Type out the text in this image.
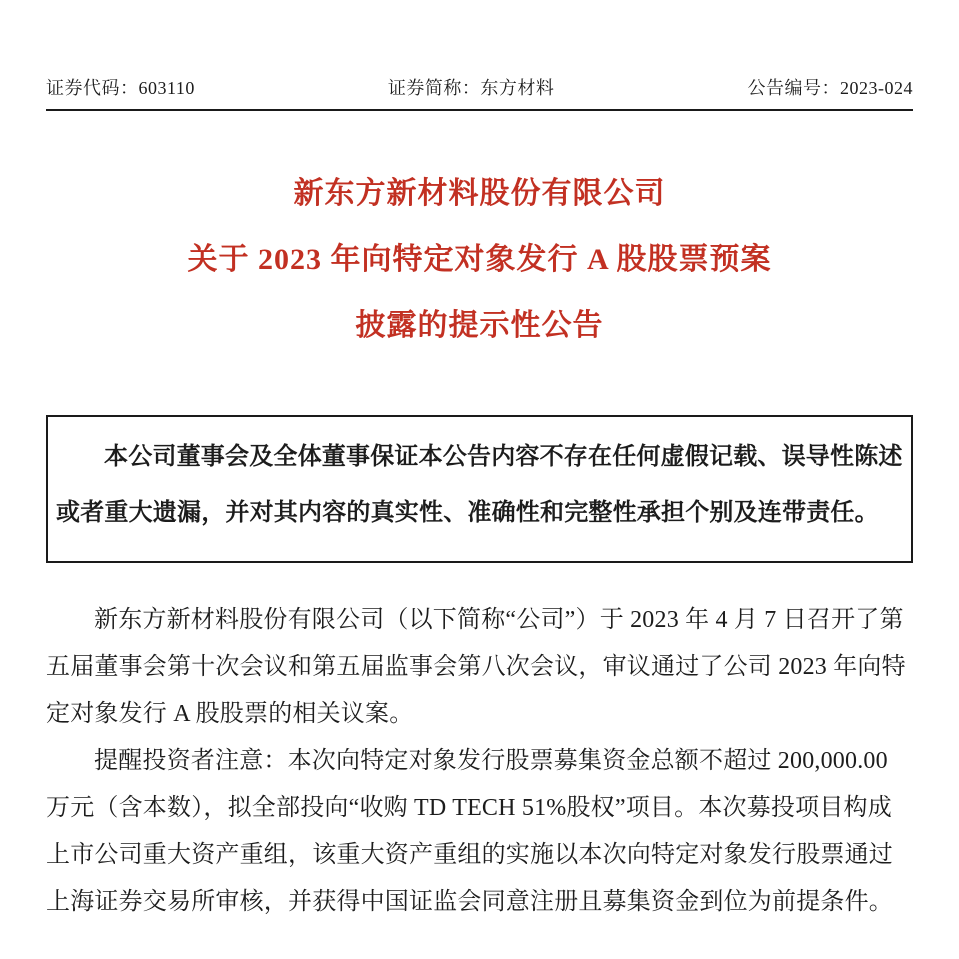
证券代码：603110	证券简称：东方材料	公告编号：2023-024
新东方新材料股份有限公司
关于 2023 年向特定对象发行 A 股股票预案
披露的提示性公告

本公司董事会及全体董事保证本公告内容不存在任何虚假记载、误导性陈述或者重大遗漏，并对其内容的真实性、准确性和完整性承担个别及连带责任。

新东方新材料股份有限公司（以下简称“公司”）于 2023 年 4 月 7 日召开了第五届董事会第十次会议和第五届监事会第八次会议，审议通过了公司 2023 年向特定对象发行 A 股股票的相关议案。

提醒投资者注意：本次向特定对象发行股票募集资金总额不超过 200,000.00 万元（含本数），拟全部投向“收购 TD TECH 51%股权”项目。本次募投项目构成上市公司重大资产重组，该重大资产重组的实施以本次向特定对象发行股票通过上海证券交易所审核，并获得中国证监会同意注册且募集资金到位为前提条件。
